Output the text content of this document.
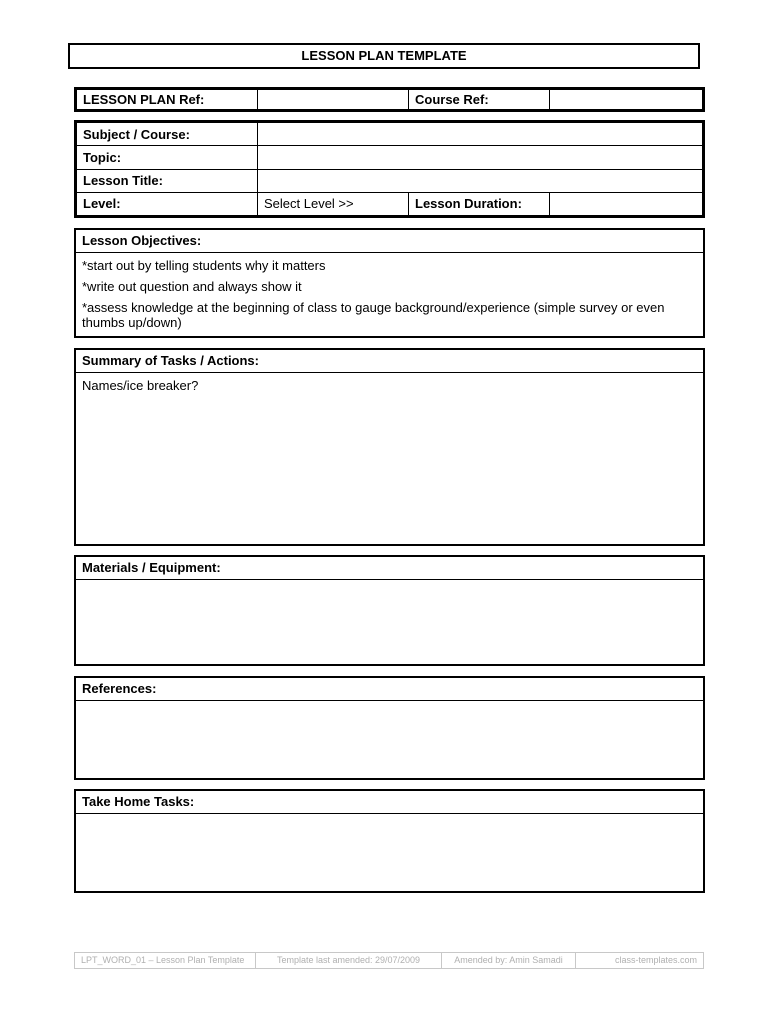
LESSON PLAN TEMPLATE
LESSON PLAN Ref:		Course Ref:	
Subject / Course:			
Topic:			
Lesson Title:			
Level:	Select Level >>	Lesson Duration:	
Lesson Objectives:

*start out by telling students why it matters

*write out question and always show it

*assess knowledge at the beginning of class to gauge background/experience (simple survey or even thumbs up/down)

Summary of Tasks / Actions:

Names/ice breaker?

Materials / Equipment:

References:

Take Home Tasks:

LPT_WORD_01 – Lesson Plan Template	Template last amended: 29/07/2009	Amended by: Amin Samadi	class-templates.com
